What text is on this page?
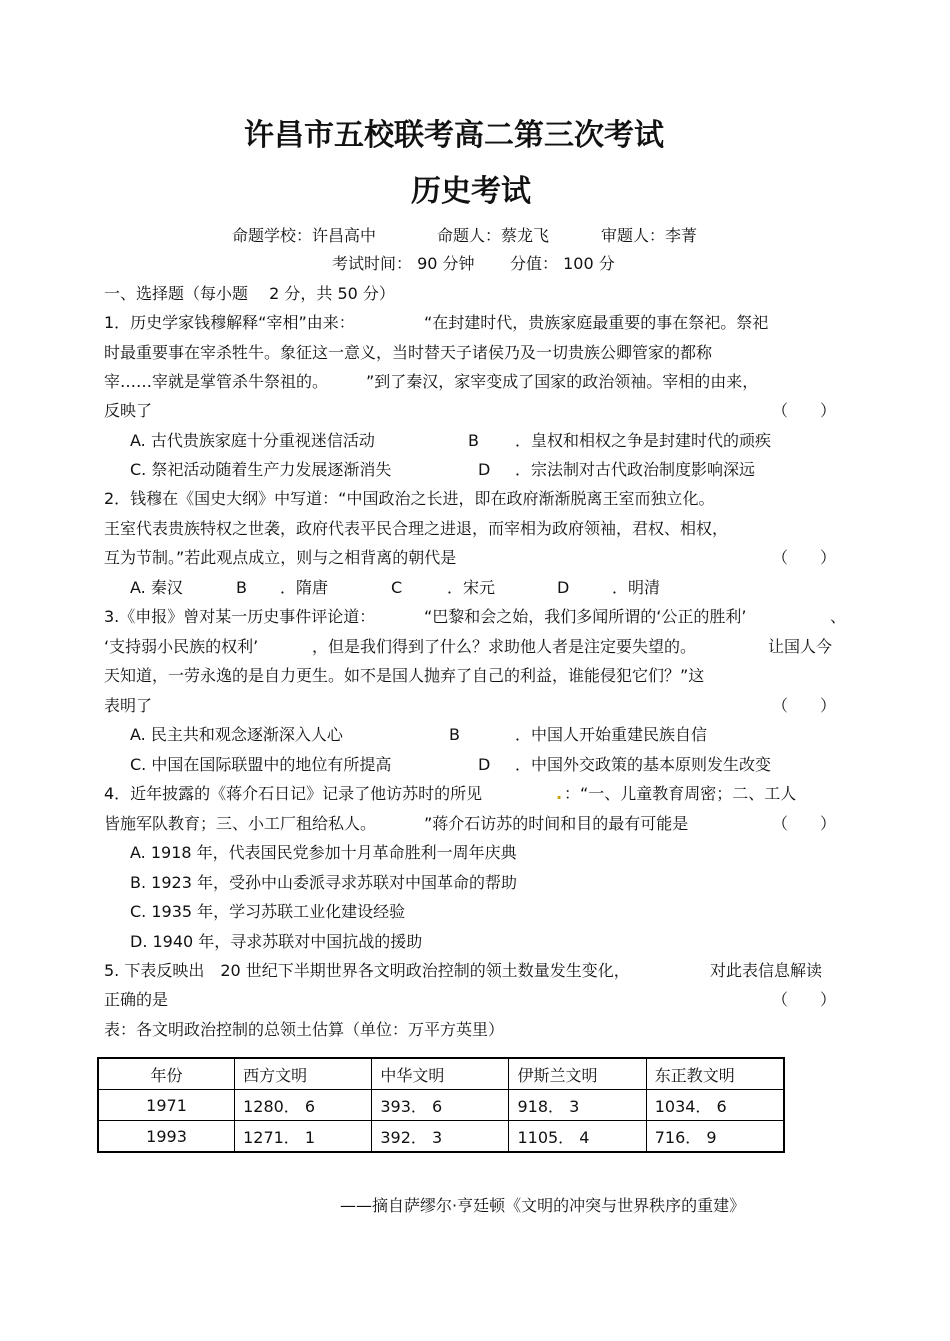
许昌市五校联考高二第三次考试
历史考试
命题学校：许昌高中	命题人：蔡龙飞	审题人：李菁
考试时间： 90 分钟 分值： 100 分
一、选择题（每小题　 2 分，共 50 分）
1．历史学家钱穆解释“宰相”由来：	“在封建时代，贵族家庭最重要的事在祭祀。祭祀
时最重要事在宰杀牲牛。象征这一意义，当时替天子诸侯乃及一切贵族公卿管家的都称
宰……宰就是掌管杀牛祭祖的。 ”到了秦汉，家宰变成了国家的政治领袖。宰相的由来，
反映了	（　　）
A. 古代贵族家庭十分重视迷信活动	B ．皇权和相权之争是封建时代的顽疾
C. 祭祀活动随着生产力发展逐渐消失	D ．宗法制对古代政治制度影响深远
2．钱穆在《国史大纲》中写道：“中国政治之长进，即在政府渐渐脱离王室而独立化。
王室代表贵族特权之世袭，政府代表平民合理之进退，而宰相为政府领袖，君权、相权，
互为节制。”若此观点成立，则与之相背离的朝代是	（　　）
A. 秦汉	B ．隋唐	C	．宋元	D	．明清
3.《申报》曾对某一历史事件评论道：	“巴黎和会之始，我们多闻所谓的‘公正的胜利’	、
‘支持弱小民族的权利’	，但是我们得到了什么？求助他人者是注定要失望的。	让国人今
天知道，一劳永逸的是自力更生。如不是国人抛弃了自己的利益，谁能侵犯它们？”这
表明了	（　　）
A. 民主共和观念逐渐深入人心	B	．中国人开始重建民族自信
C. 中国在国际联盟中的地位有所提高	D ．中国外交政策的基本原则发生改变
4．近年披露的《蒋介石日记》记录了他访苏时的所见	. ：“一、儿童教育周密；二、工人
皆施军队教育；三、小工厂租给私人。	”蒋介石访苏的时间和目的最有可能是	（　　）
A. 1918 年，代表国民党参加十月革命胜利一周年庆典
B. 1923 年，受孙中山委派寻求苏联对中国革命的帮助
C. 1935 年，学习苏联工业化建设经验
D. 1940 年，寻求苏联对中国抗战的援助
5. 下表反映出　20 世纪下半期世界各文明政治控制的领土数量发生变化，	对此表信息解读
正确的是	（　　）
表：各文明政治控制的总领土估算（单位：万平方英里）
年份	西方文明	中华文明	伊斯兰文明	东正教文明
1971	1280． 6	393． 6	918． 3	1034． 6
1993	1271． 1	392． 3	1105． 4	716． 9
——摘自萨缪尔·亨廷顿《文明的冲突与世界秩序的重建》
